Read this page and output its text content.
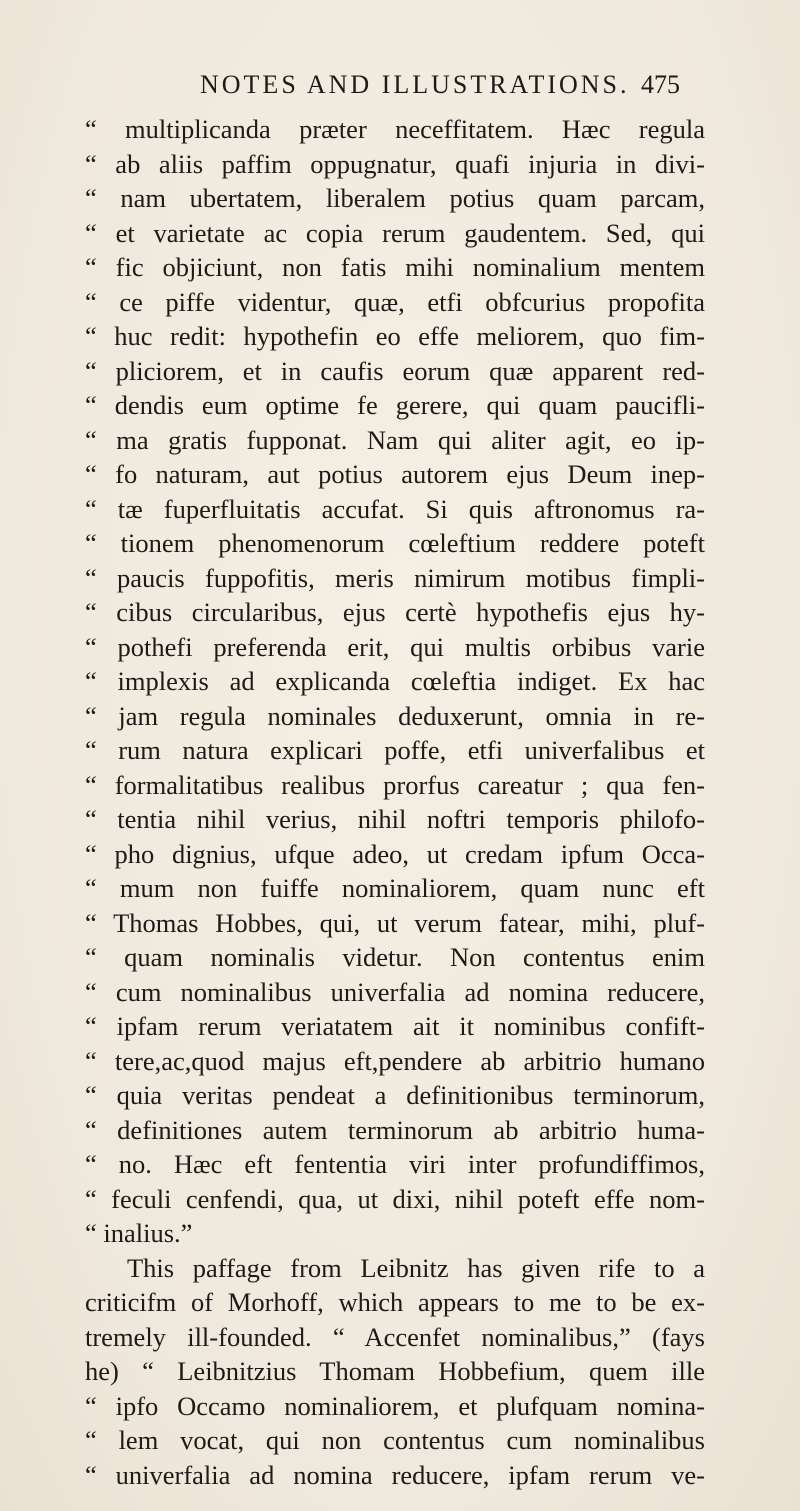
NOTES AND ILLUSTRATIONS. 475
“ multiplicanda præter neceffitatem. Hæc regula
“ ab aliis paffim oppugnatur, quafi injuria in divi-
“ nam ubertatem, liberalem potius quam parcam,
“ et varietate ac copia rerum gaudentem. Sed, qui
“ fic objiciunt, non fatis mihi nominalium mentem
“ ce piffe videntur, quæ, etfi obfcurius propofita
“ huc redit: hypothefin eo effe meliorem, quo fim-
“ pliciorem, et in caufis eorum quæ apparent red-
“ dendis eum optime fe gerere, qui quam paucifli-
“ ma gratis fupponat. Nam qui aliter agit, eo ip-
“ fo naturam, aut potius autorem ejus Deum inep-
“ tæ fuperfluitatis accufat. Si quis aftronomus ra-
“ tionem phenomenorum cœleftium reddere poteft
“ paucis fuppofitis, meris nimirum motibus fimpli-
“ cibus circularibus, ejus certè hypothefis ejus hy-
“ pothefi preferenda erit, qui multis orbibus varie
“ implexis ad explicanda cœleftia indiget. Ex hac
“ jam regula nominales deduxerunt, omnia in re-
“ rum natura explicari poffe, etfi univerfalibus et
“ formalitatibus realibus prorfus careatur ; qua fen-
“ tentia nihil verius, nihil noftri temporis philofo-
“ pho dignius, ufque adeo, ut credam ipfum Occa-
“ mum non fuiffe nominaliorem, quam nunc eft
“ Thomas Hobbes, qui, ut verum fatear, mihi, pluf-
“ quam nominalis videtur. Non contentus enim
“ cum nominalibus univerfalia ad nomina reducere,
“ ipfam rerum veriatatem ait it nominibus confift-
“ tere,ac,quod majus eft,pendere ab arbitrio humano
“ quia veritas pendeat a definitionibus terminorum,
“ definitiones autem terminorum ab arbitrio huma-
“ no. Hæc eft fententia viri inter profundiffimos,
“ feculi cenfendi, qua, ut dixi, nihil poteft effe nom-
“ inalius.”
This paffage from Leibnitz has given rife to a
criticifm of Morhoff, which appears to me to be ex-
tremely ill-founded. “ Accenfet nominalibus,” (fays
he) “ Leibnitzius Thomam Hobbefium, quem ille
“ ipfo Occamo nominaliorem, et plufquam nomina-
“ lem vocat, qui non contentus cum nominalibus
“ univerfalia ad nomina reducere, ipfam rerum ve-
